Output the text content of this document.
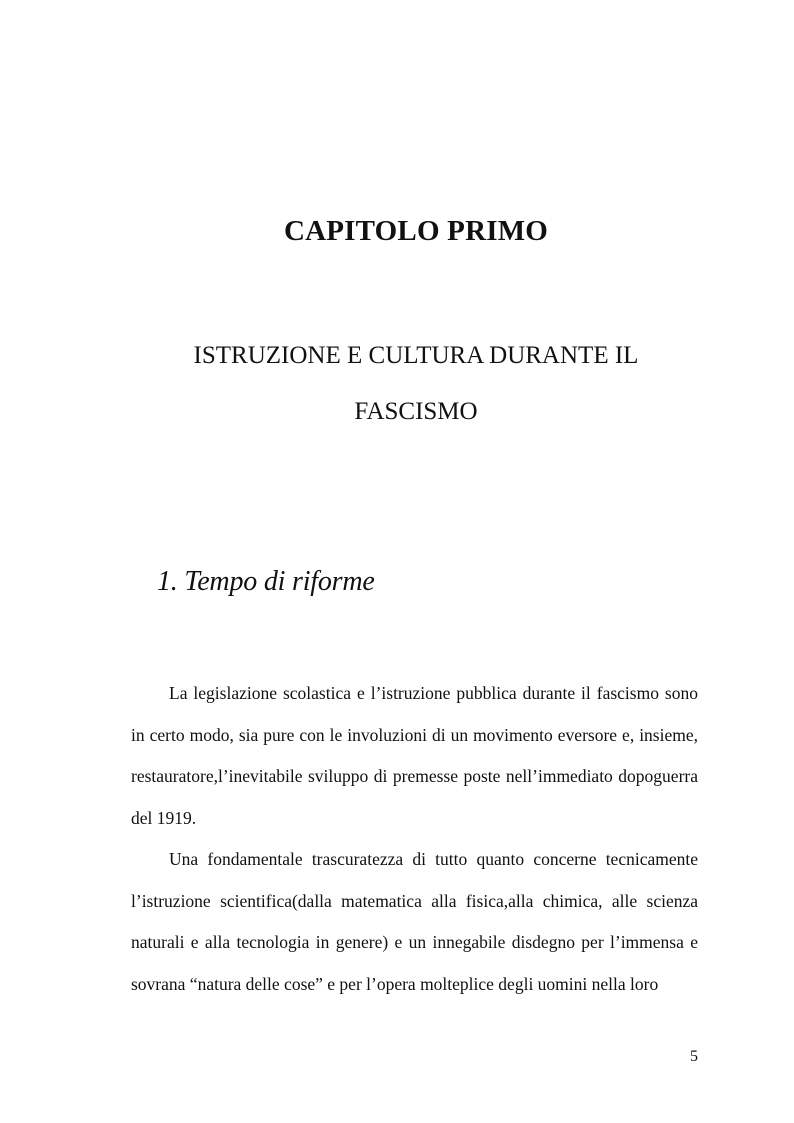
CAPITOLO PRIMO
ISTRUZIONE E CULTURA DURANTE IL
FASCISMO
1. Tempo di riforme

La legislazione scolastica e l’istruzione pubblica durante il fascismo sono in certo modo, sia pure con le involuzioni di un movimento eversore e, insieme, restauratore,l’inevitabile sviluppo di premesse poste nell’immediato dopoguerra del 1919.

Una fondamentale trascuratezza di tutto quanto concerne tecnicamente l’istruzione scientifica(dalla matematica alla fisica,alla chimica, alle scienza naturali e alla tecnologia in genere) e un innegabile disdegno per l’immensa e sovrana “natura delle cose” e per l’opera molteplice degli uomini nella loro

5
